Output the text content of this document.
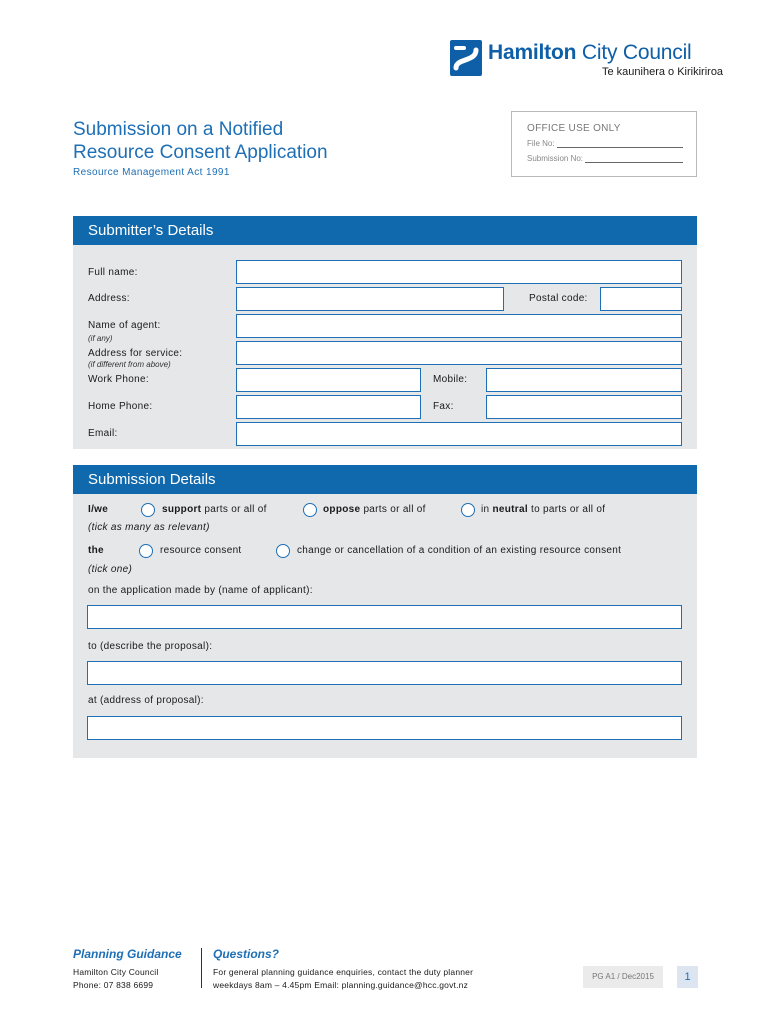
Hamilton City Council
Te kaunihera o Kirikiriroa
Submission on a Notified
Resource Consent Application
Resource Management Act 1991
OFFICE USE ONLY
File No:
Submission No:
Submitter’s Details
Full name:
Address:	Postal code:
Name of agent:
(if any)
Address for service:
(if different from above)
Work Phone:	Mobile:
Home Phone:	Fax:
Email:
Submission Details
I/we
(tick as many as relevant)
support parts or all of	oppose parts or all of	in neutral to parts or all of
the
(tick one)
resource consent	change or cancellation of a condition of an existing resource consent
on the application made by (name of applicant):
to (describe the proposal):
at (address of proposal):
Planning Guidance
Hamilton City Council
Phone: 07 838 6699
Questions?
For general planning guidance enquiries, contact the duty planner
weekdays 8am – 4.45pm Email: planning.guidance@hcc.govt.nz
PG A1 / Dec2015	1
